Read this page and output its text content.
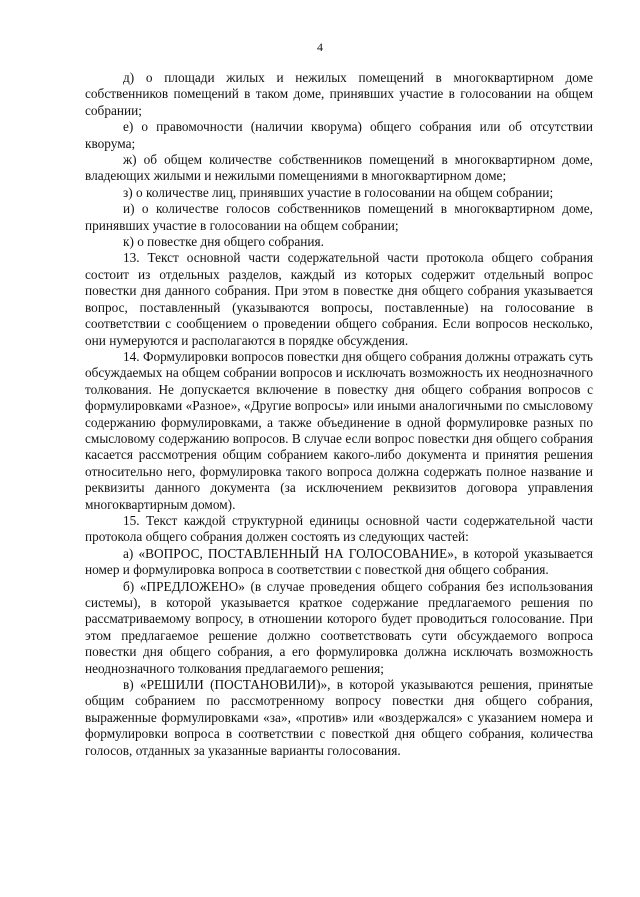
4

д) о площади жилых и нежилых помещений в многоквартирном доме собственников помещений в таком доме, принявших участие в голосовании на общем собрании;

е) о правомочности (наличии кворума) общего собрания или об отсутствии кворума;

ж) об общем количестве собственников помещений в многоквартирном доме, владеющих жилыми и нежилыми помещениями в многоквартирном доме;

з) о количестве лиц, принявших участие в голосовании на общем собрании;

и) о количестве голосов собственников помещений в многоквартирном доме, принявших участие в голосовании на общем собрании;

к) о повестке дня общего собрания.

13. Текст основной части содержательной части протокола общего собрания состоит из отдельных разделов, каждый из которых содержит отдельный вопрос повестки дня данного собрания. При этом в повестке дня общего собрания указывается вопрос, поставленный (указываются вопросы, поставленные) на голосование в соответствии с сообщением о проведении общего собрания. Если вопросов несколько, они нумеруются и располагаются в порядке обсуждения.

14. Формулировки вопросов повестки дня общего собрания должны отражать суть обсуждаемых на общем собрании вопросов и исключать возможность их неоднозначного толкования. Не допускается включение в повестку дня общего собрания вопросов с формулировками «Разное», «Другие вопросы» или иными аналогичными по смысловому содержанию формулировками, а также объединение в одной формулировке разных по смысловому содержанию вопросов. В случае если вопрос повестки дня общего собрания касается рассмотрения общим собранием какого-либо документа и принятия решения относительно него, формулировка такого вопроса должна содержать полное название и реквизиты данного документа (за исключением реквизитов договора управления многоквартирным домом).

15. Текст каждой структурной единицы основной части содержательной части протокола общего собрания должен состоять из следующих частей:

а) «ВОПРОС, ПОСТАВЛЕННЫЙ НА ГОЛОСОВАНИЕ», в которой указывается номер и формулировка вопроса в соответствии с повесткой дня общего собрания.

б) «ПРЕДЛОЖЕНО» (в случае проведения общего собрания без использования системы), в которой указывается краткое содержание предлагаемого решения по рассматриваемому вопросу, в отношении которого будет проводиться голосование. При этом предлагаемое решение должно соответствовать сути обсуждаемого вопроса повестки дня общего собрания, а его формулировка должна исключать возможность неоднозначного толкования предлагаемого решения;

в) «РЕШИЛИ (ПОСТАНОВИЛИ)», в которой указываются решения, принятые общим собранием по рассмотренному вопросу повестки дня общего собрания, выраженные формулировками «за», «против» или «воздержался» с указанием номера и формулировки вопроса в соответствии с повесткой дня общего собрания, количества голосов, отданных за указанные варианты голосования.
